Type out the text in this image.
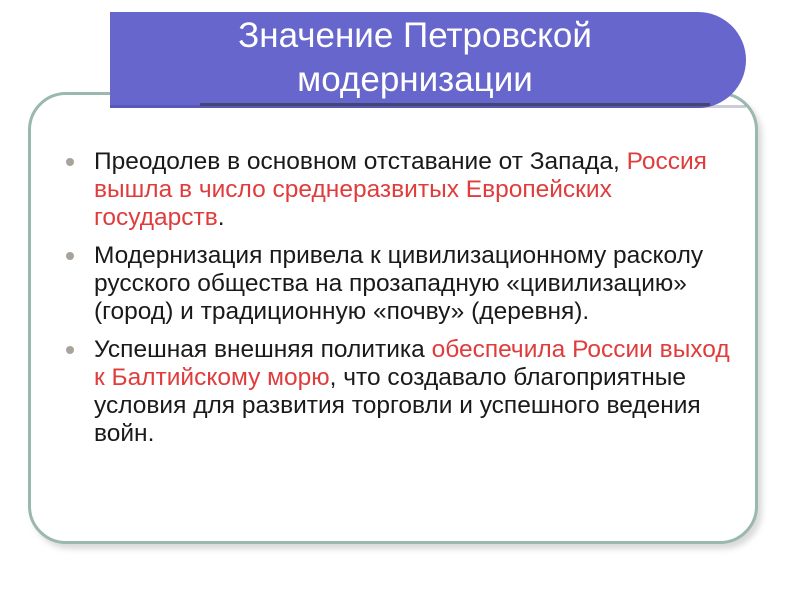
Значение Петровской
модернизации
Преодолев в основном отставание от Запада, Россия вышла в число среднеразвитых Европейских государств.
Модернизация привела к цивилизационному расколу русского общества на прозападную «цивилизацию» (город) и традиционную «почву» (деревня).
Успешная внешняя политика обеспечила России выход к Балтийскому морю, что создавало благоприятные условия для развития торговли и успешного ведения войн.
